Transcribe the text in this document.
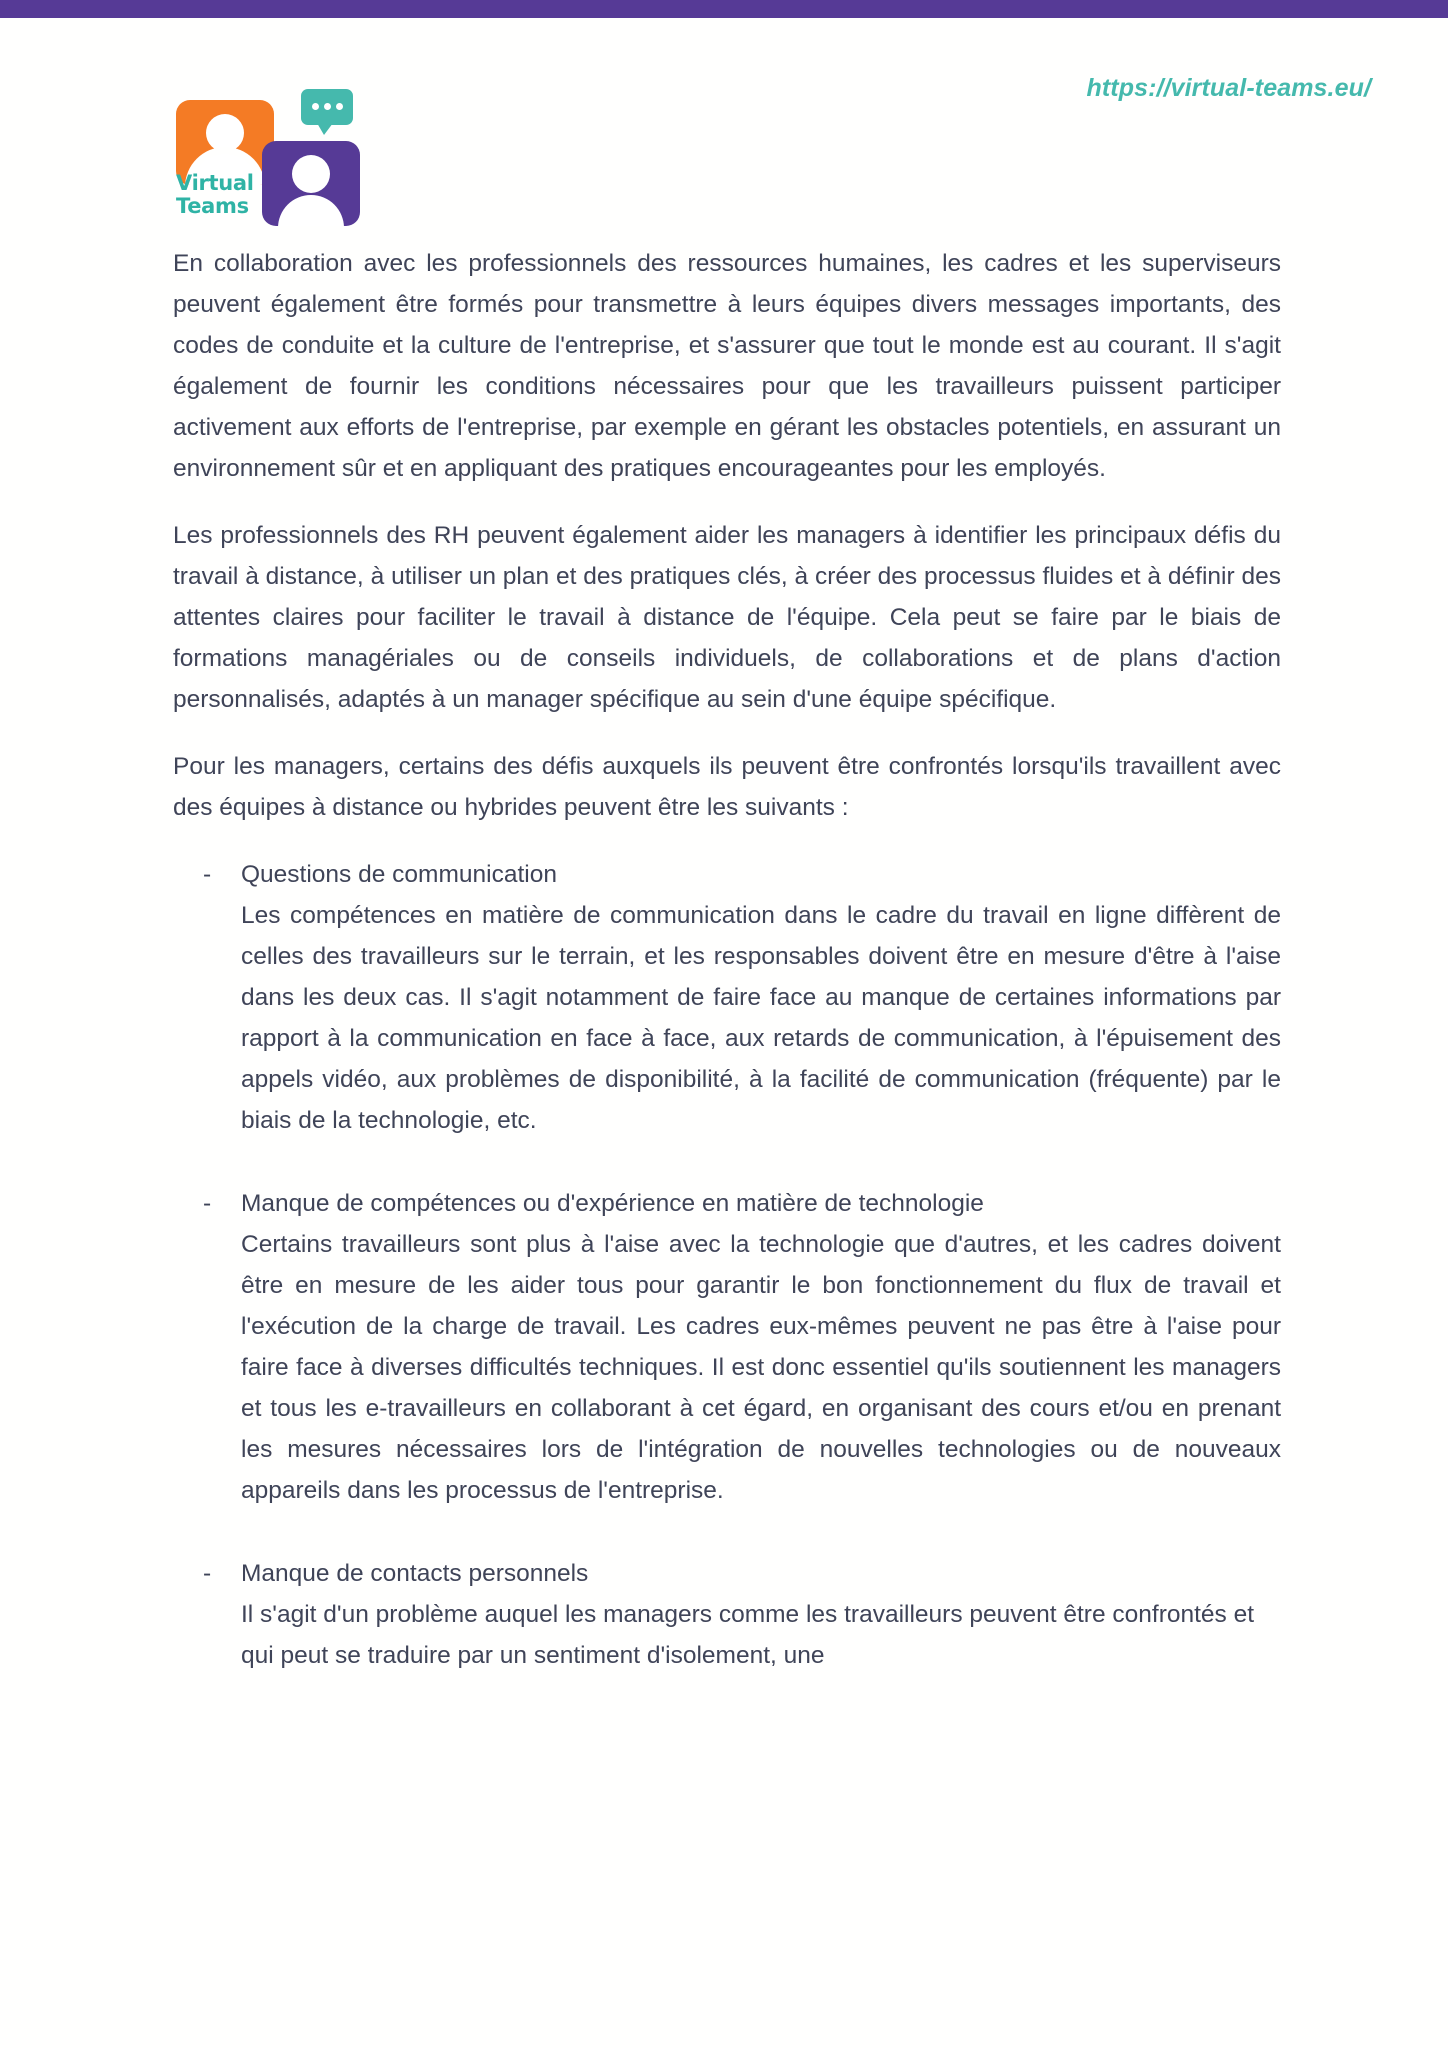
Virtual
Teams
https://virtual-teams.eu/

En collaboration avec les professionnels des ressources humaines, les cadres et les superviseurs peuvent également être formés pour transmettre à leurs équipes divers messages importants, des codes de conduite et la culture de l'entreprise, et s'assurer que tout le monde est au courant. Il s'agit également de fournir les conditions nécessaires pour que les travailleurs puissent participer activement aux efforts de l'entreprise, par exemple en gérant les obstacles potentiels, en assurant un environnement sûr et en appliquant des pratiques encourageantes pour les employés.

Les professionnels des RH peuvent également aider les managers à identifier les principaux défis du travail à distance, à utiliser un plan et des pratiques clés, à créer des processus fluides et à définir des attentes claires pour faciliter le travail à distance de l'équipe. Cela peut se faire par le biais de formations managériales ou de conseils individuels, de collaborations et de plans d'action personnalisés, adaptés à un manager spécifique au sein d'une équipe spécifique.

Pour les managers, certains des défis auxquels ils peuvent être confrontés lorsqu'ils travaillent avec des équipes à distance ou hybrides peuvent être les suivants :

- Questions de communication
Les compétences en matière de communication dans le cadre du travail en ligne diffèrent de celles des travailleurs sur le terrain, et les responsables doivent être en mesure d'être à l'aise dans les deux cas. Il s'agit notamment de faire face au manque de certaines informations par rapport à la communication en face à face, aux retards de communication, à l'épuisement des appels vidéo, aux problèmes de disponibilité, à la facilité de communication (fréquente) par le biais de la technologie, etc.
- Manque de compétences ou d'expérience en matière de technologie
Certains travailleurs sont plus à l'aise avec la technologie que d'autres, et les cadres doivent être en mesure de les aider tous pour garantir le bon fonctionnement du flux de travail et l'exécution de la charge de travail. Les cadres eux-mêmes peuvent ne pas être à l'aise pour faire face à diverses difficultés techniques. Il est donc essentiel qu'ils soutiennent les managers et tous les e-travailleurs en collaborant à cet égard, en organisant des cours et/ou en prenant les mesures nécessaires lors de l'intégration de nouvelles technologies ou de nouveaux appareils dans les processus de l'entreprise.
- Manque de contacts personnels
Il s'agit d'un problème auquel les managers comme les travailleurs peuvent être confrontés et qui peut se traduire par un sentiment d'isolement, une
